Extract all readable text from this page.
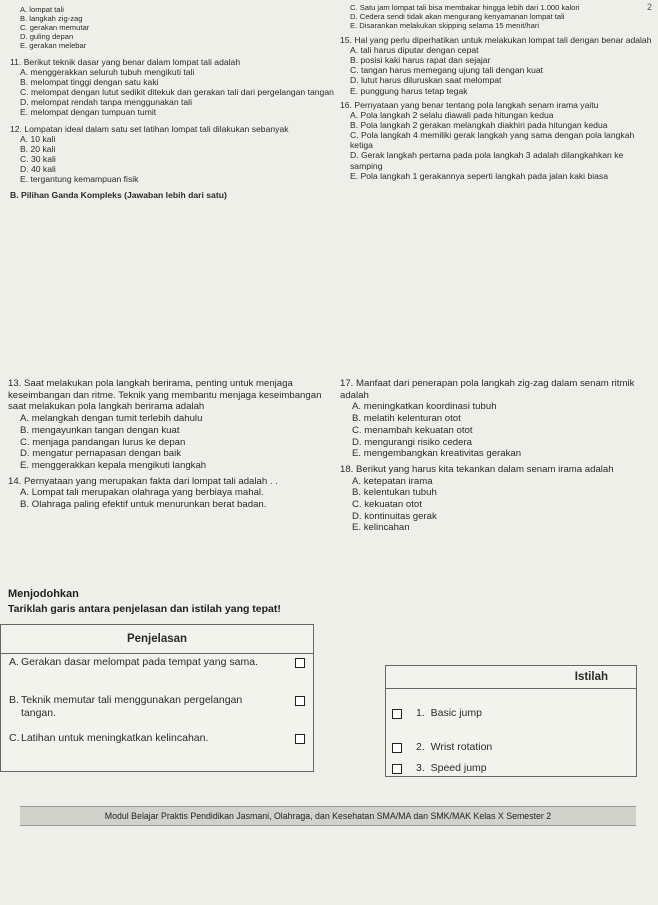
2
A. lompat tali
B. langkah zig-zag
C. gerakan memutar
D. guling depan
E. gerakan melebar
11. Berikut teknik dasar yang benar dalam lompat tali adalah
A. menggerakkan seluruh tubuh mengikuti tali
B. melompat tinggi dengan satu kaki
C. melompat dengan lutut sedikit ditekuk dan gerakan tali dari pergelangan tangan
D. melompat rendah tanpa menggunakan tali
E. melompat dengan tumpuan tumit
12. Lompatan ideal dalam satu set latihan lompat tali dilakukan sebanyak
A. 10 kali
B. 20 kali
C. 30 kali
D. 40 kali
E. tergantung kemampuan fisik
B. Pilihan Ganda Kompleks (Jawaban lebih dari satu)
C. Satu jam lompat tali bisa membakar hingga lebih dari 1.000 kalori
D. Cedera sendi tidak akan mengurang kenyamanan lompat tali
E. Disarankan melakukan skipping selama 15 menit/hari
15. Hal yang perlu diperhatikan untuk melakukan lompat tali dengan benar adalah
A. tali harus diputar dengan cepat
B. posisi kaki harus rapat dan sejajar
C. tangan harus memegang ujung tali dengan kuat
D. lutut harus diluruskan saat melompat
E. punggung harus tetap tegak
16. Pernyataan yang benar tentang pola langkah senam irama yaitu
A. Pola langkah 2 selalu diawali pada hitungan kedua
B. Pola langkah 2 gerakan melangkah diakhiri pada hitungan kedua
C. Pola langkah 4 memiliki gerak langkah yang sama dengan pola langkah ketiga
D. Gerak langkah pertama pada pola langkah 3 adalah dilangkahkan ke samping
E. Pola langkah 1 gerakannya seperti langkah pada jalan kaki biasa
13. Saat melakukan pola langkah berirama, penting untuk menjaga keseimbangan dan ritme. Teknik yang membantu menjaga keseimbangan saat melakukan pola langkah berirama adalah
A. melangkah dengan tumit terlebih dahulu
B. mengayunkan tangan dengan kuat
C. menjaga pandangan lurus ke depan
D. mengatur pernapasan dengan baik
E. menggerakkan kepala mengikuti langkah
14. Pernyataan yang merupakan fakta dari lompat tali adalah . .
A. Lompat tali merupakan olahraga yang berbiaya mahal.
B. Olahraga paling efektif untuk menurunkan berat badan.
17. Manfaat dari penerapan pola langkah zig-zag dalam senam ritmik adalah
A. meningkatkan koordinasi tubuh
B. melatih kelenturan otot
C. menambah kekuatan otot
D. mengurangi risiko cedera
E. mengembangkan kreativitas gerakan
18. Berikut yang harus kita tekankan dalam senam irama adalah
A. ketepatan irama
B. kelentukan tubuh
C. kekuatan otot
D. kontinuitas gerak
E. kelincahan
Menjodohkan
Tariklah garis antara penjelasan dan istilah yang tepat!
Penjelasan
A. Gerakan dasar melompat pada tempat yang sama.
B. Teknik memutar tali menggunakan pergelangan tangan.
C. Latihan untuk meningkatkan kelincahan.
Istilah
1. Basic jump
2. Wrist rotation
3. Speed jump
Modul Belajar Praktis Pendidikan Jasmani, Olahraga, dan Kesehatan SMA/MA dan SMK/MAK Kelas X Semester 2
